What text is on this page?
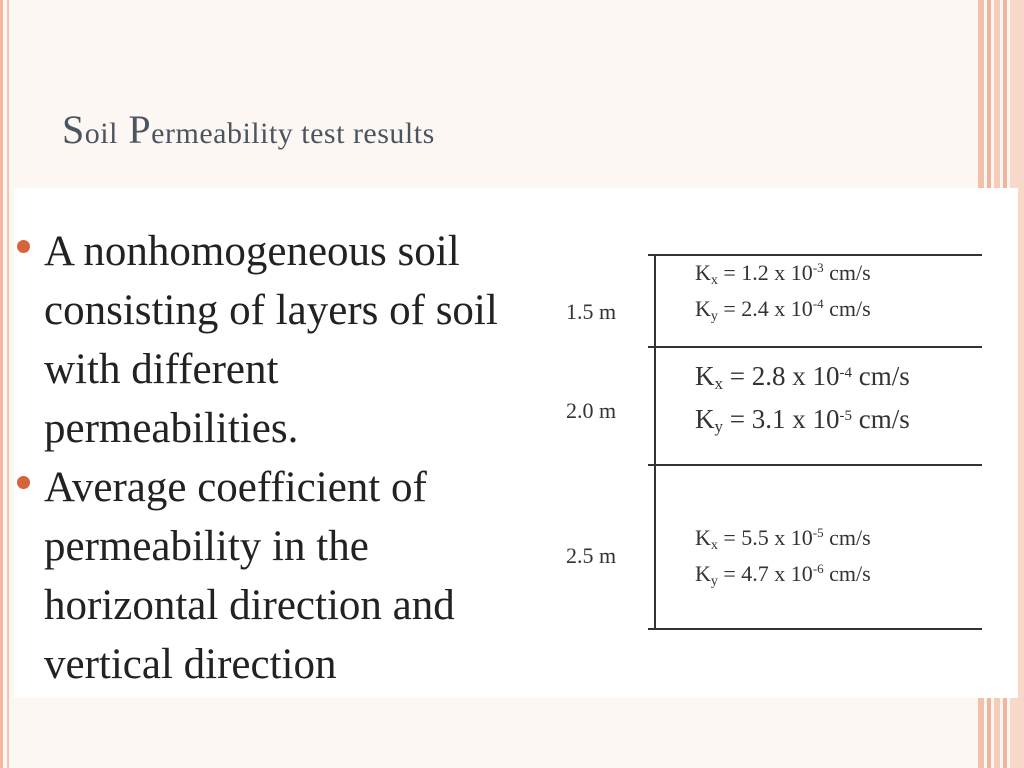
Soil Permeability test results
A nonhomogeneous soil consisting of layers of soil with different permeabilities.
Average coefficient of permeability in the horizontal direction and vertical direction
1.5 m
$K_x = 1.2$ x $10^{-3}$ cm/s
$K_y = 2.4$ x $10^{-4}$ cm/s
2.0 m
$K_x = 2.8$ x $10^{-4}$ cm/s
$K_y = 3.1$ x $10^{-5}$ cm/s
2.5 m
$K_x = 5.5$ x $10^{-5}$ cm/s
$K_y = 4.7$ x $10^{-6}$ cm/s
